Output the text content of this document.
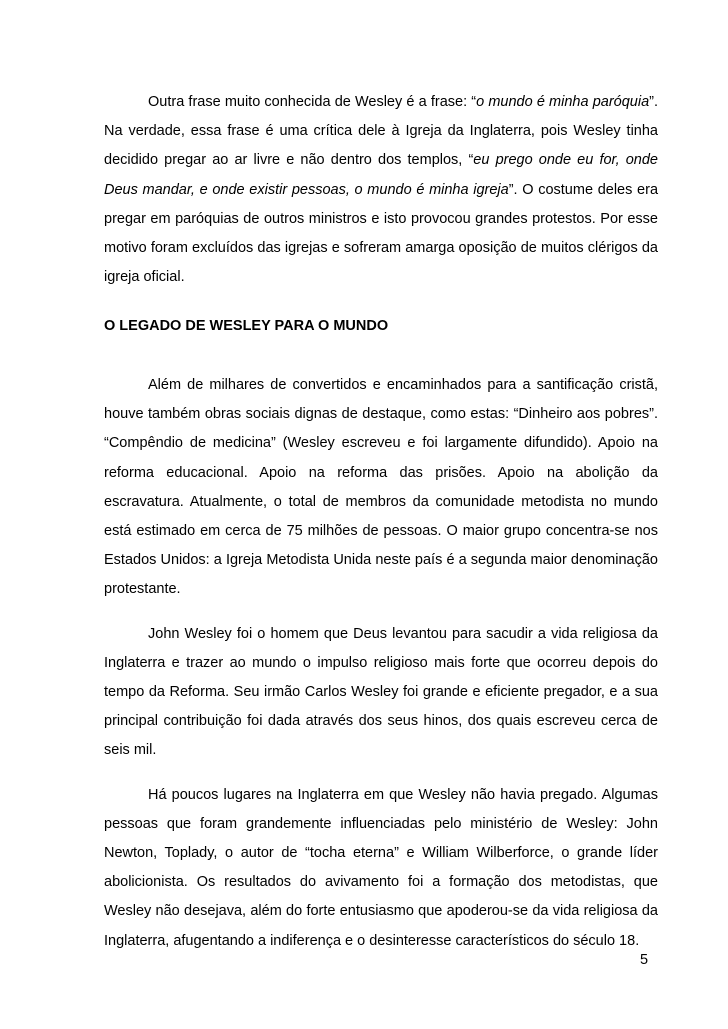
Outra frase muito conhecida de Wesley é a frase: “o mundo é minha paróquia”. Na verdade, essa frase é uma crítica dele à Igreja da Inglaterra, pois Wesley tinha decidido pregar ao ar livre e não dentro dos templos, “eu prego onde eu for, onde Deus mandar, e onde existir pessoas, o mundo é minha igreja”. O costume deles era pregar em paróquias de outros ministros e isto provocou grandes protestos. Por esse motivo foram excluídos das igrejas e sofreram amarga oposição de muitos clérigos da igreja oficial.

O LEGADO DE WESLEY PARA O MUNDO

Além de milhares de convertidos e encaminhados para a santificação cristã, houve também obras sociais dignas de destaque, como estas: “Dinheiro aos pobres”. “Compêndio de medicina” (Wesley escreveu e foi largamente difundido). Apoio na reforma educacional. Apoio na reforma das prisões. Apoio na abolição da escravatura. Atualmente, o total de membros da comunidade metodista no mundo está estimado em cerca de 75 milhões de pessoas. O maior grupo concentra-se nos Estados Unidos: a Igreja Metodista Unida neste país é a segunda maior denominação protestante.

John Wesley foi o homem que Deus levantou para sacudir a vida religiosa da Inglaterra e trazer ao mundo o impulso religioso mais forte que ocorreu depois do tempo da Reforma. Seu irmão Carlos Wesley foi grande e eficiente pregador, e a sua principal contribuição foi dada através dos seus hinos, dos quais escreveu cerca de seis mil.

Há poucos lugares na Inglaterra em que Wesley não havia pregado. Algumas pessoas que foram grandemente influenciadas pelo ministério de Wesley: John Newton, Toplady, o autor de “tocha eterna” e William Wilberforce, o grande líder abolicionista. Os resultados do avivamento foi a formação dos metodistas, que Wesley não desejava, além do forte entusiasmo que apoderou-se da vida religiosa da Inglaterra, afugentando a indiferença e o desinteresse característicos do século 18.

5
